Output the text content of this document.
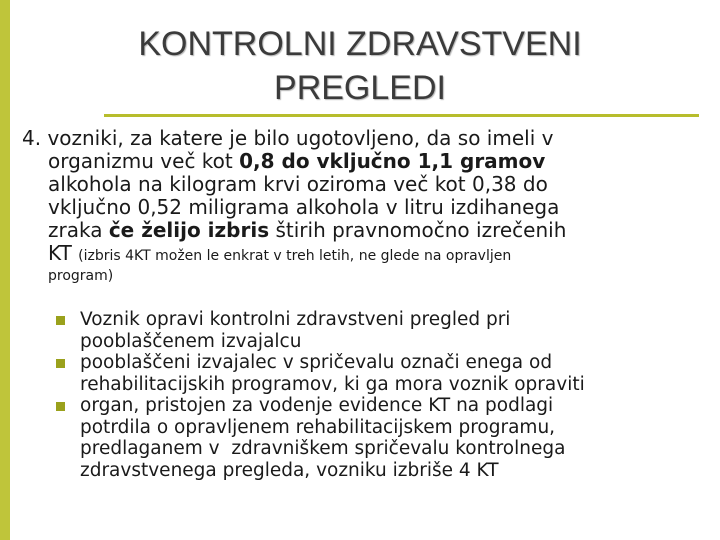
KONTROLNI ZDRAVSTVENI
PREGLEDI
4. vozniki, za katere je bilo ugotovljeno, da so imeli v
organizmu več kot 0,8 do vključno 1,1 gramov
alkohola na kilogram krvi oziroma več kot 0,38 do
vključno 0,52 miligrama alkohola v litru izdihanega
zraka če želijo izbris štirih pravnomočno izrečenih
KT (izbris 4KT možen le enkrat v treh letih, ne glede na opravljen
program)
Voznik opravi kontrolni zdravstveni pregled pri
pooblaščenem izvajalcu
pooblaščeni izvajalec v spričevalu označi enega od
rehabilitacijskih programov, ki ga mora voznik opraviti
organ, pristojen za vodenje evidence KT na podlagi
potrdila o opravljenem rehabilitacijskem programu,
predlaganem v  zdravniškem spričevalu kontrolnega
zdravstvenega pregleda, vozniku izbriše 4 KT
